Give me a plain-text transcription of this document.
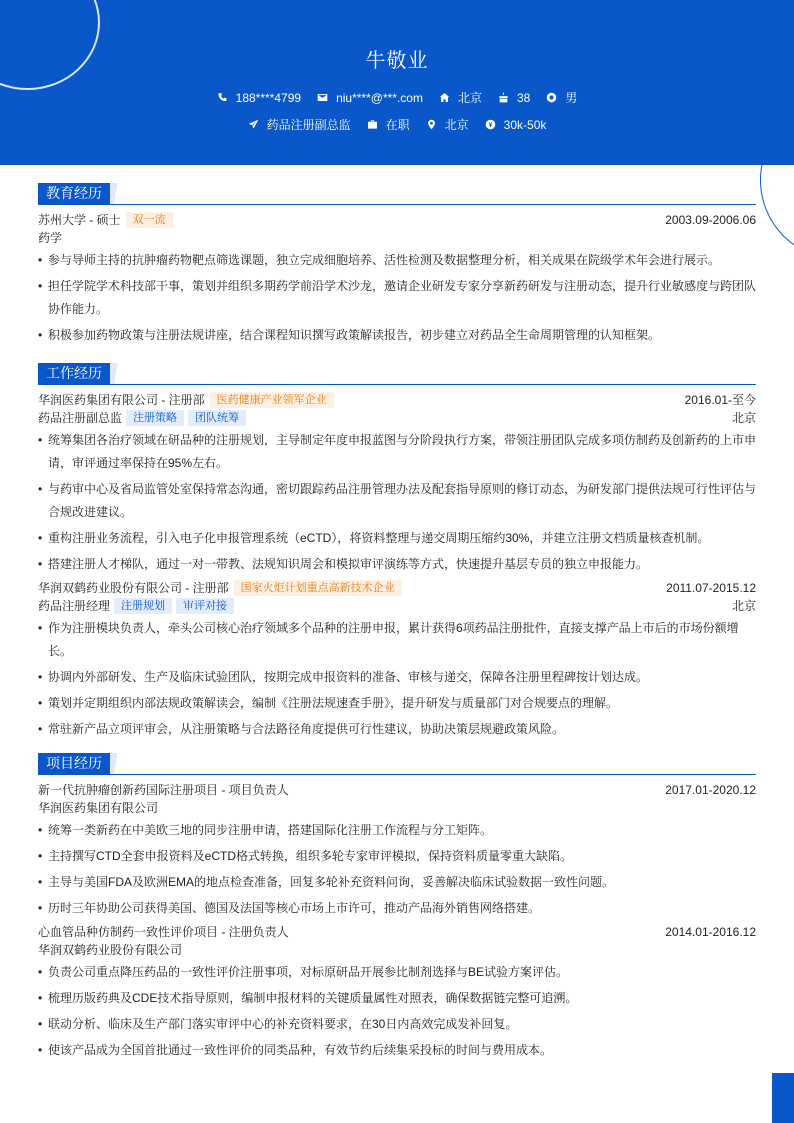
牛敬业
188****4799	niu****@***.com	北京	38	男
药品注册副总监	在职	北京	30k-50k
教育经历
苏州大学 - 硕士	双一流	2003.09-2006.06
药学
• 参与导师主持的抗肿瘤药物靶点筛选课题，独立完成细胞培养、活性检测及数据整理分析，相关成果在院级学术年会进行展示。
• 担任学院学术科技部干事，策划并组织多期药学前沿学术沙龙，邀请企业研发专家分享新药研发与注册动态，提升行业敏感度与跨团队协作能力。
• 积极参加药物政策与注册法规讲座，结合课程知识撰写政策解读报告，初步建立对药品全生命周期管理的认知框架。
工作经历
华润医药集团有限公司 - 注册部	医药健康产业领军企业	2016.01-至今
药品注册副总监	注册策略	团队统筹	北京
• 统筹集团各治疗领域在研品种的注册规划，主导制定年度申报蓝图与分阶段执行方案，带领注册团队完成多项仿制药及创新药的上市申请，审评通过率保持在95%左右。
• 与药审中心及省局监管处室保持常态沟通，密切跟踪药品注册管理办法及配套指导原则的修订动态，为研发部门提供法规可行性评估与合规改进建议。
• 重构注册业务流程，引入电子化申报管理系统（eCTD），将资料整理与递交周期压缩约30%，并建立注册文档质量核查机制。
• 搭建注册人才梯队，通过一对一带教、法规知识周会和模拟审评演练等方式，快速提升基层专员的独立申报能力。
华润双鹤药业股份有限公司 - 注册部	国家火炬计划重点高新技术企业	2011.07-2015.12
药品注册经理	注册规划	审评对接	北京
• 作为注册模块负责人，牵头公司核心治疗领域多个品种的注册申报，累计获得6项药品注册批件，直接支撑产品上市后的市场份额增长。
• 协调内外部研发、生产及临床试验团队，按期完成申报资料的准备、审核与递交，保障各注册里程碑按计划达成。
• 策划并定期组织内部法规政策解读会，编制《注册法规速查手册》，提升研发与质量部门对合规要点的理解。
• 常驻新产品立项评审会，从注册策略与合法路径角度提供可行性建议，协助决策层规避政策风险。
项目经历
新一代抗肿瘤创新药国际注册项目 - 项目负责人	2017.01-2020.12
华润医药集团有限公司
• 统筹一类新药在中美欧三地的同步注册申请，搭建国际化注册工作流程与分工矩阵。
• 主持撰写CTD全套申报资料及eCTD格式转换，组织多轮专家审评模拟，保持资料质量零重大缺陷。
• 主导与美国FDA及欧洲EMA的地点检查准备，回复多轮补充资料问询，妥善解决临床试验数据一致性问题。
• 历时三年协助公司获得美国、德国及法国等核心市场上市许可，推动产品海外销售网络搭建。
心血管品种仿制药一致性评价项目 - 注册负责人	2014.01-2016.12
华润双鹤药业股份有限公司
• 负责公司重点降压药品的一致性评价注册事项，对标原研品开展参比制剂选择与BE试验方案评估。
• 梳理历版药典及CDE技术指导原则，编制申报材料的关键质量属性对照表，确保数据链完整可追溯。
• 联动分析、临床及生产部门落实审评中心的补充资料要求，在30日内高效完成发补回复。
• 使该产品成为全国首批通过一致性评价的同类品种，有效节约后续集采投标的时间与费用成本。
